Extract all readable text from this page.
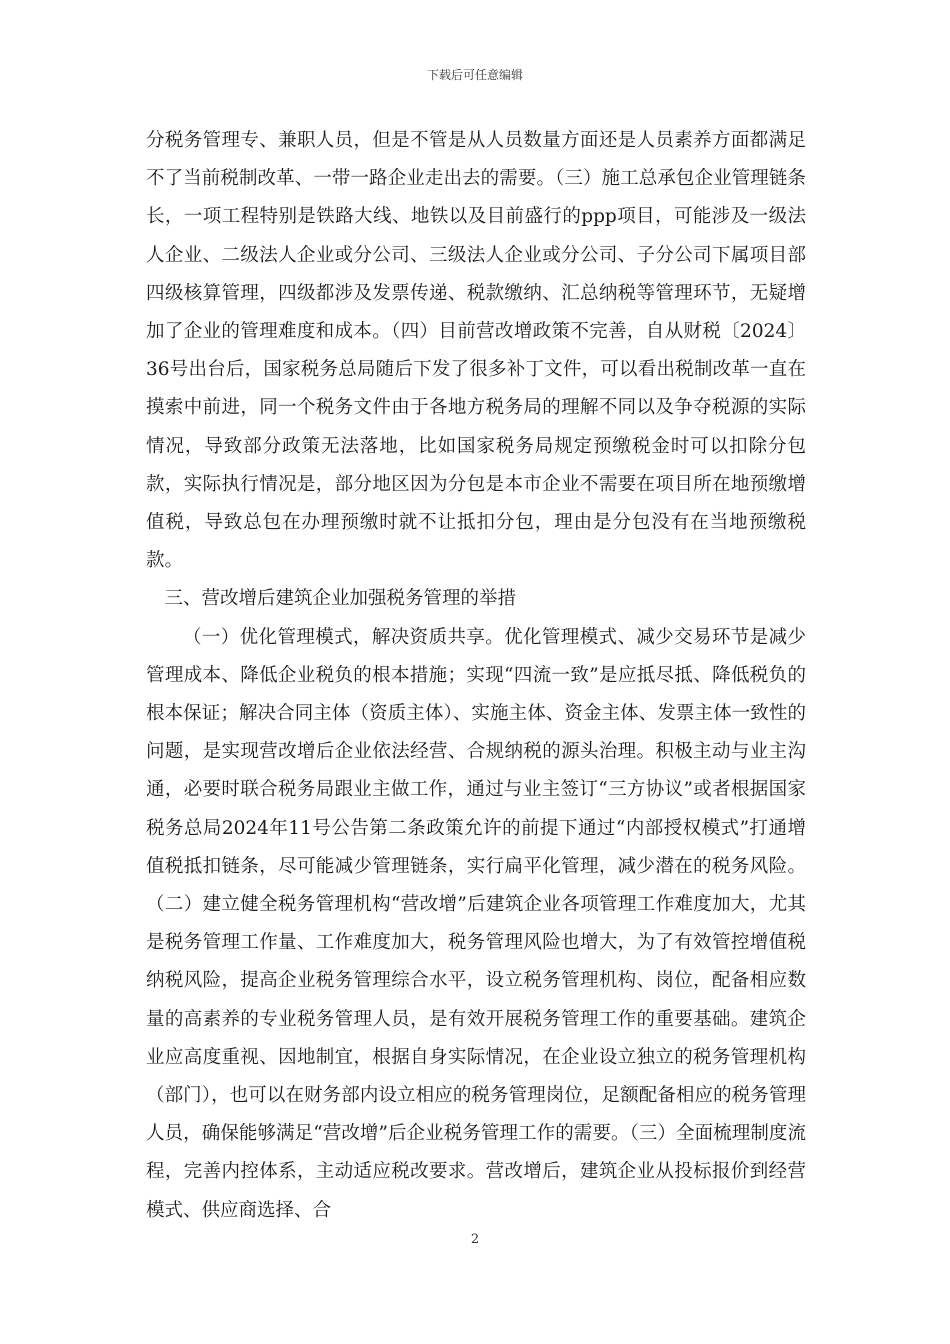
下载后可任意编辑

分税务管理专、兼职人员，但是不管是从人员数量方面还是人员素养方面都满足不了当前税制改革、一带一路企业走出去的需要。（三）施工总承包企业管理链条长，一项工程特别是铁路大线、地铁以及目前盛行的ppp项目，可能涉及一级法人企业、二级法人企业或分公司、三级法人企业或分公司、子分公司下属项目部四级核算管理，四级都涉及发票传递、税款缴纳、汇总纳税等管理环节，无疑增加了企业的管理难度和成本。（四）目前营改增政策不完善，自从财税〔2024〕36号出台后，国家税务总局随后下发了很多补丁文件，可以看出税制改革一直在摸索中前进，同一个税务文件由于各地方税务局的理解不同以及争夺税源的实际情况，导致部分政策无法落地，比如国家税务局规定预缴税金时可以扣除分包款，实际执行情况是，部分地区因为分包是本市企业不需要在项目所在地预缴增值税，导致总包在办理预缴时就不让抵扣分包，理由是分包没有在当地预缴税款。

三、营改增后建筑企业加强税务管理的举措

（一）优化管理模式，解决资质共享。优化管理模式、减少交易环节是减少管理成本、降低企业税负的根本措施；实现“四流一致”是应抵尽抵、降低税负的根本保证；解决合同主体（资质主体）、实施主体、资金主体、发票主体一致性的问题，是实现营改增后企业依法经营、合规纳税的源头治理。积极主动与业主沟通，必要时联合税务局跟业主做工作，通过与业主签订“三方协议”或者根据国家税务总局2024年11号公告第二条政策允许的前提下通过“内部授权模式”打通增值税抵扣链条，尽可能减少管理链条，实行扁平化管理，减少潜在的税务风险。（二）建立健全税务管理机构“营改增”后建筑企业各项管理工作难度加大，尤其是税务管理工作量、工作难度加大，税务管理风险也增大，为了有效管控增值税纳税风险，提高企业税务管理综合水平，设立税务管理机构、岗位，配备相应数量的高素养的专业税务管理人员，是有效开展税务管理工作的重要基础。建筑企业应高度重视、因地制宜，根据自身实际情况，在企业设立独立的税务管理机构（部门），也可以在财务部内设立相应的税务管理岗位，足额配备相应的税务管理人员，确保能够满足“营改增”后企业税务管理工作的需要。（三）全面梳理制度流程，完善内控体系，主动适应税改要求。营改增后，建筑企业从投标报价到经营模式、供应商选择、合

2
